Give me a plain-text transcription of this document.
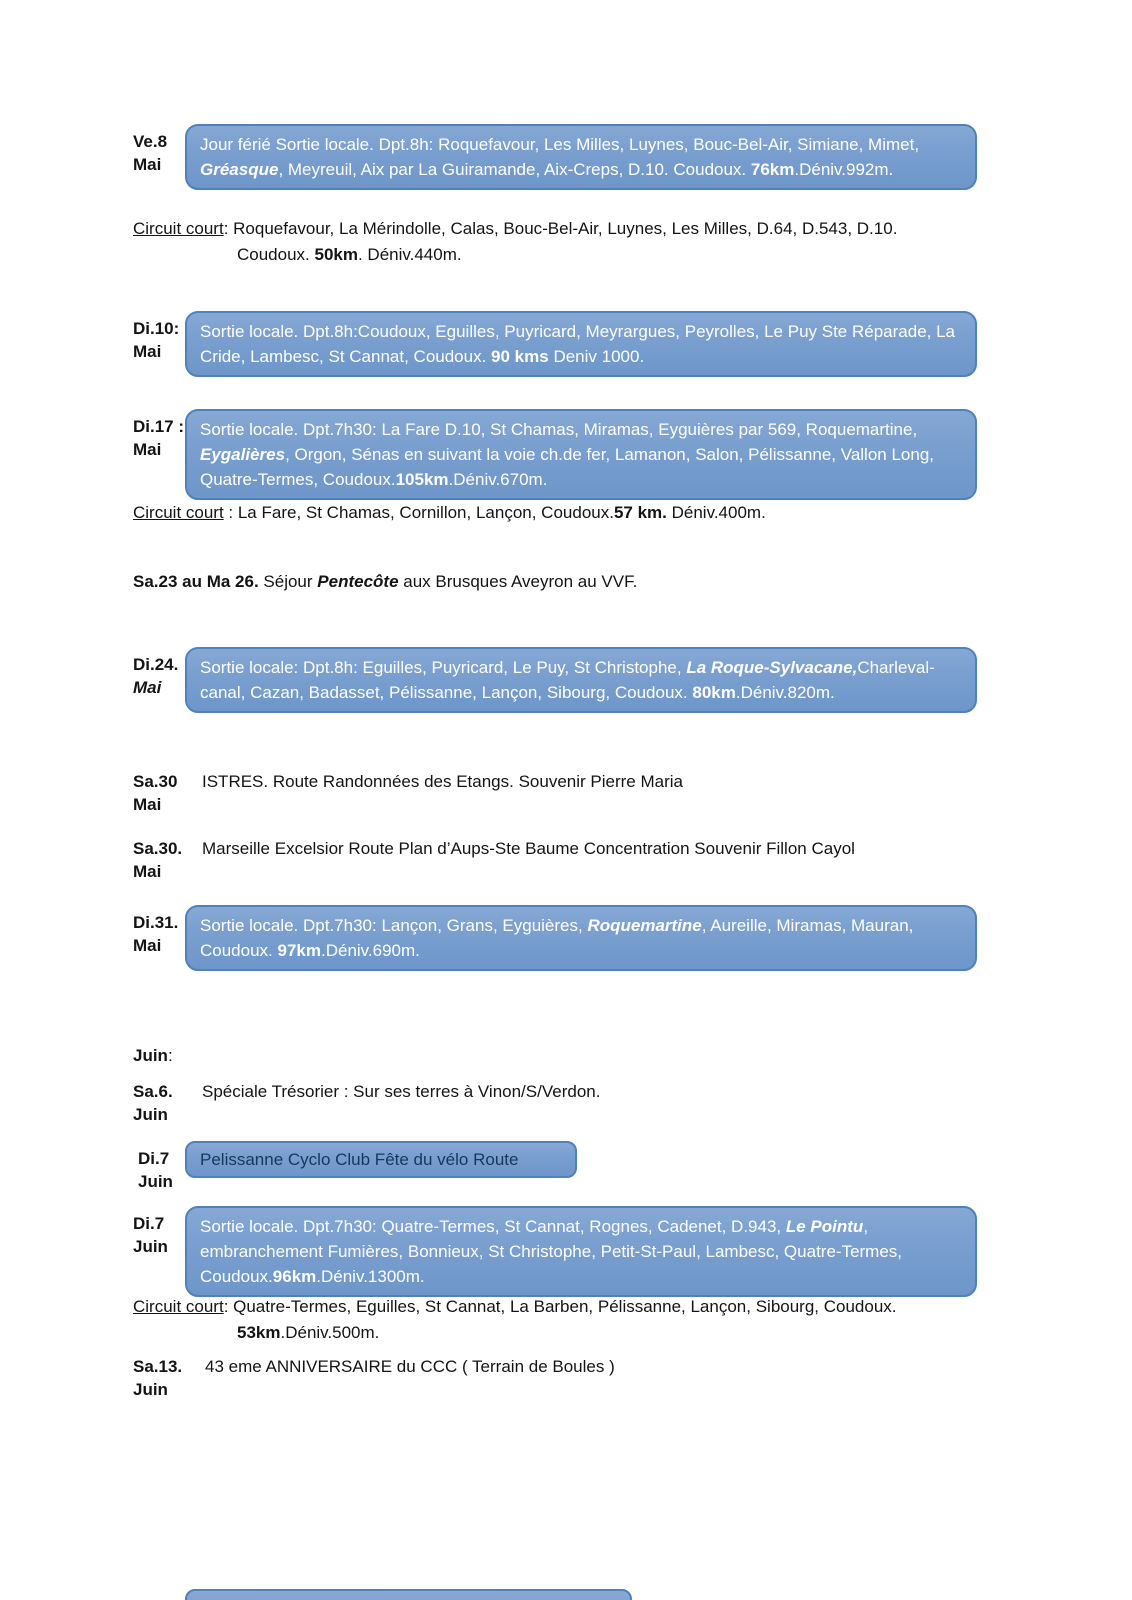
Ve.8
Mai
Jour férié Sortie locale. Dpt.8h: Roquefavour, Les Milles, Luynes, Bouc-Bel-Air, Simiane, Mimet, Gréasque, Meyreuil, Aix par La Guiramande, Aix-Creps, D.10. Coudoux. 76km.Déniv.992m.
Circuit court: Roquefavour, La Mérindolle, Calas, Bouc-Bel-Air, Luynes, Les Milles, D.64, D.543, D.10.
Coudoux. 50km. Déniv.440m.
Di.10:
Mai
Sortie locale. Dpt.8h:Coudoux, Eguilles, Puyricard, Meyrargues, Peyrolles, Le Puy Ste Réparade, La Cride, Lambesc, St Cannat, Coudoux. 90 kms Deniv 1000.
Di.17 :
Mai
Sortie locale. Dpt.7h30: La Fare D.10, St Chamas, Miramas, Eyguières par 569, Roquemartine, Eygalières, Orgon, Sénas en suivant la voie ch.de fer, Lamanon, Salon, Pélissanne, Vallon Long, Quatre-Termes, Coudoux.105km.Déniv.670m.
Circuit court : La Fare, St Chamas, Cornillon, Lançon, Coudoux.57 km. Déniv.400m.
Sa.23 au Ma 26. Séjour Pentecôte aux Brusques Aveyron au VVF.
Di.24.
Mai
Sortie locale: Dpt.8h: Eguilles, Puyricard, Le Puy, St Christophe, La Roque-Sylvacane,Charleval-canal, Cazan, Badasset, Pélissanne, Lançon, Sibourg, Coudoux. 80km.Déniv.820m.
Sa.30
Mai
ISTRES. Route Randonnées des Etangs. Souvenir Pierre Maria
Sa.30.
Mai
Marseille Excelsior Route Plan d’Aups-Ste Baume Concentration Souvenir Fillon Cayol
Di.31.
Mai
Sortie locale. Dpt.7h30: Lançon, Grans, Eyguières, Roquemartine, Aureille, Miramas, Mauran, Coudoux. 97km.Déniv.690m.
Juin:
Sa.6.
Juin
Spéciale Trésorier : Sur ses terres à Vinon/S/Verdon.
Di.7
Juin
Pelissanne Cyclo Club Fête du vélo Route
Di.7
Juin
Sortie locale. Dpt.7h30: Quatre-Termes, St Cannat, Rognes, Cadenet, D.943, Le Pointu, embranchement Fumières, Bonnieux, St Christophe, Petit-St-Paul, Lambesc, Quatre-Termes, Coudoux.96km.Déniv.1300m.
Circuit court: Quatre-Termes, Eguilles, St Cannat, La Barben, Pélissanne, Lançon, Sibourg, Coudoux.
53km.Déniv.500m.
Sa.13.
Juin
43 eme ANNIVERSAIRE du CCC ( Terrain de Boules )
